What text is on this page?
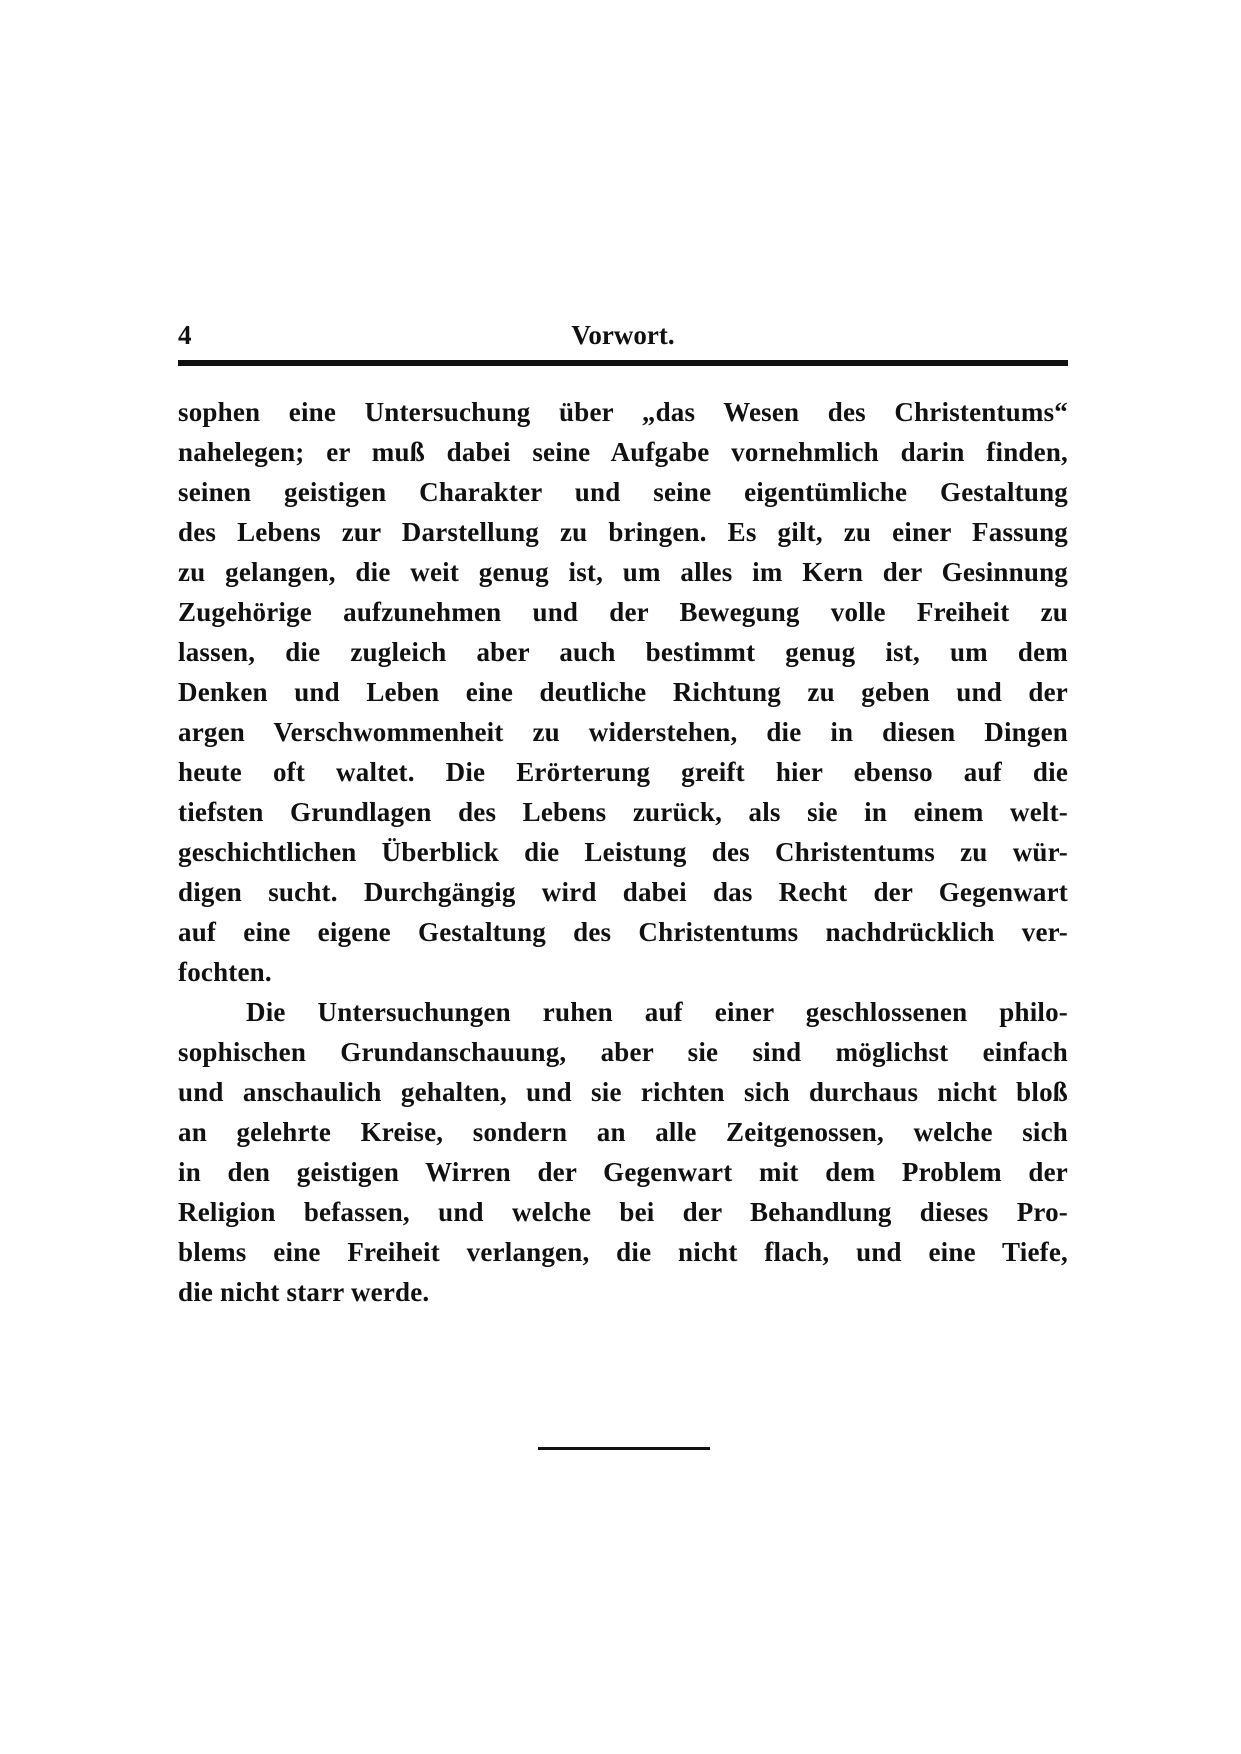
4	Vorwort.
sophen eine Untersuchung über „das Wesen des Christentums“
nahelegen; er muß dabei seine Aufgabe vornehmlich darin finden,
seinen geistigen Charakter und seine eigentümliche Gestaltung
des Lebens zur Darstellung zu bringen. Es gilt, zu einer Fassung
zu gelangen, die weit genug ist, um alles im Kern der Gesinnung
Zugehörige aufzunehmen und der Bewegung volle Freiheit zu
lassen, die zugleich aber auch bestimmt genug ist, um dem
Denken und Leben eine deutliche Richtung zu geben und der
argen Verschwommenheit zu widerstehen, die in diesen Dingen
heute oft waltet. Die Erörterung greift hier ebenso auf die
tiefsten Grundlagen des Lebens zurück, als sie in einem welt-
geschichtlichen Überblick die Leistung des Christentums zu wür-
digen sucht. Durchgängig wird dabei das Recht der Gegenwart
auf eine eigene Gestaltung des Christentums nachdrücklich ver-
fochten.
Die Untersuchungen ruhen auf einer geschlossenen philo-
sophischen Grundanschauung, aber sie sind möglichst einfach
und anschaulich gehalten, und sie richten sich durchaus nicht bloß
an gelehrte Kreise, sondern an alle Zeitgenossen, welche sich
in den geistigen Wirren der Gegenwart mit dem Problem der
Religion befassen, und welche bei der Behandlung dieses Pro-
blems eine Freiheit verlangen, die nicht flach, und eine Tiefe,
die nicht starr werde.
